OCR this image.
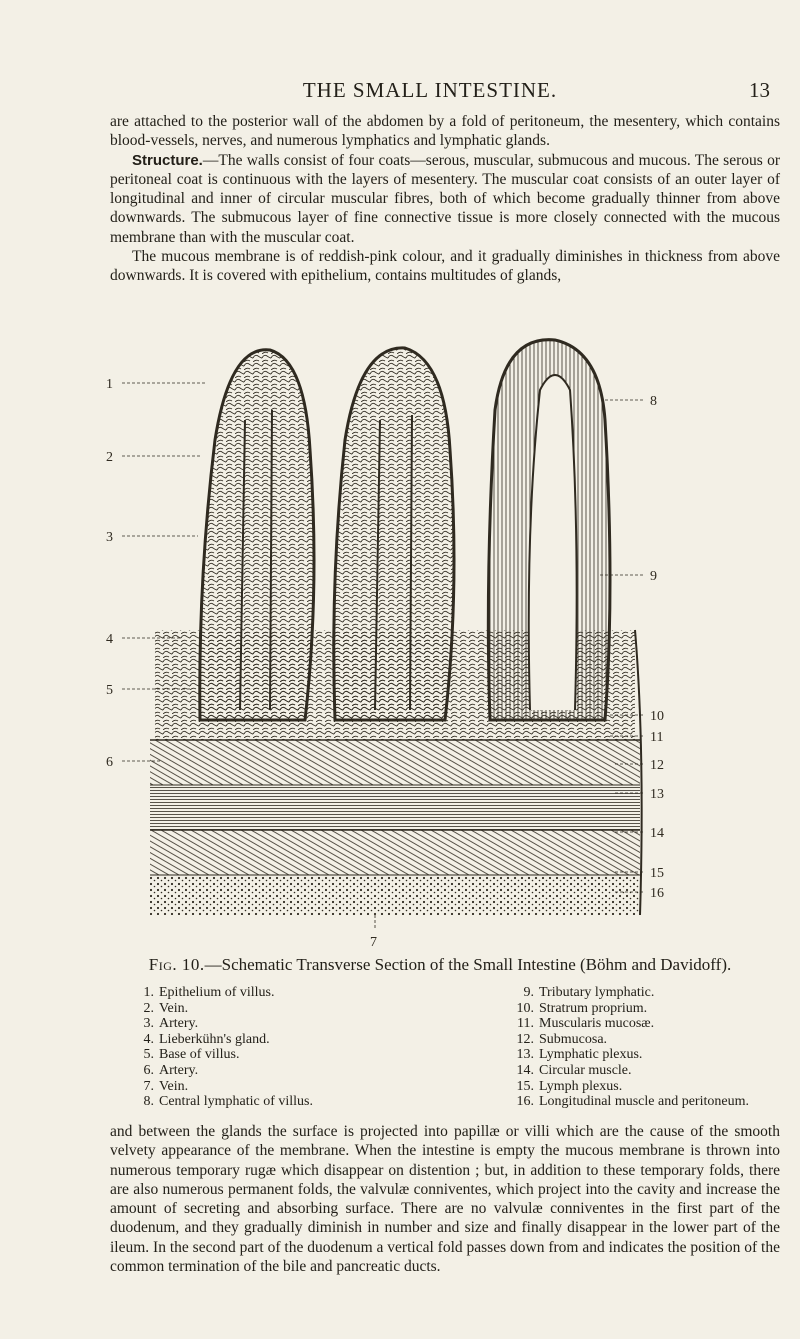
THE SMALL INTESTINE.	13

are attached to the posterior wall of the abdomen by a fold of peritoneum, the mesentery, which contains blood-vessels, nerves, and numerous lymphatics and lymphatic glands.

Structure.—The walls consist of four coats—serous, muscular, submucous and mucous. The serous or peritoneal coat is continuous with the layers of mesentery. The muscular coat consists of an outer layer of longitudinal and inner of circular muscular fibres, both of which become gradually thinner from above downwards. The submucous layer of fine connective tissue is more closely connected with the mucous membrane than with the muscular coat.

The mucous membrane is of reddish-pink colour, and it gradually diminishes in thickness from above downwards. It is covered with epithelium, contains multitudes of glands,

1
2
3
4
5
6
7
8
9
10
11
12
13
14
15
16
Fig. 10.—Schematic Transverse Section of the Small Intestine (Böhm and Davidoff).
1. Epithelium of villus.
2. Vein.
3. Artery.
4. Lieberkühn's gland.
5. Base of villus.
6. Artery.
7. Vein.
8. Central lymphatic of villus.
9. Tributary lymphatic.
10. Stratrum proprium.
11. Muscularis mucosæ.
12. Submucosa.
13. Lymphatic plexus.
14. Circular muscle.
15. Lymph plexus.
16. Longitudinal muscle and peritoneum.

and between the glands the surface is projected into papillæ or villi which are the cause of the smooth velvety appearance of the membrane. When the intestine is empty the mucous membrane is thrown into numerous temporary rugæ which disappear on distention ; but, in addition to these temporary folds, there are also numerous permanent folds, the valvulæ conniventes, which project into the cavity and increase the amount of secreting and absorbing surface. There are no valvulæ conniventes in the first part of the duodenum, and they gradually diminish in number and size and finally disappear in the lower part of the ileum. In the second part of the duodenum a vertical fold passes down from and indicates the position of the common termination of the bile and pancreatic ducts.
